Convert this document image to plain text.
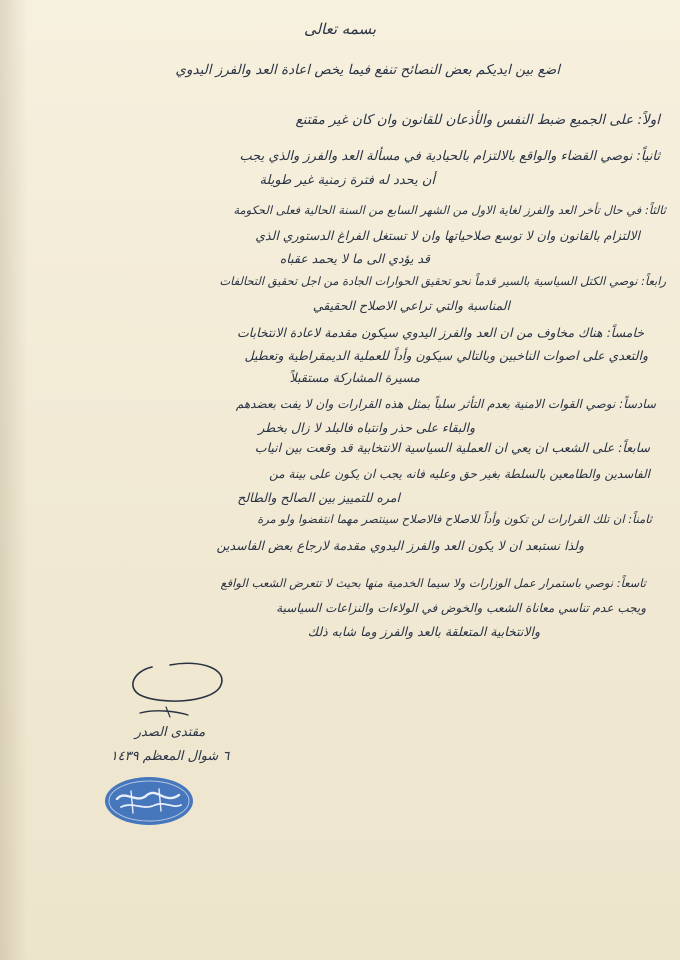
بسمه تعالى
اضع بين ايديكم بعض النصائح تنفع فيما يخص اعادة العد والفرز اليدوي
اولاً: على الجميع ضبط النفس والأذعان للقانون وان كان غير مقتنع
ثانياً: نوصي القضاء والواقع بالالتزام بالحيادية في مسألة العد والفرز والذي يجب
أن يحدد له فترة زمنية غير طويلة
ثالثاً: في حال تأخر العد والفرز لغاية الاول من الشهر السابع من السنة الحالية فعلى الحكومة
الالتزام بالقانون وان لا توسع صلاحياتها وان لا تستغل الفراغ الدستوري الذي
قد يؤدي الى ما لا يحمد عقباه
رابعاً: نوصي الكتل السياسية بالسير قدماً نحو تحقيق الحوارات الجادة من اجل تحقيق التحالفات
المناسبة والتي تراعي الاصلاح الحقيقي
خامساً: هناك مخاوف من ان العد والفرز اليدوي سيكون مقدمة لاعادة الانتخابات
والتعدي على اصوات الناخبين وبالتالي سيكون وأداً للعملية الديمقراطية وتعطيل
مسيرة المشاركة مستقبلاً
سادساً: نوصي القوات الامنية بعدم التأثر سلباً بمثل هذه القرارات وان لا يفت بعضدهم
والبقاء على حذر وانتباه فالبلد لا زال بخطر
سابعاً: على الشعب ان يعي ان العملية السياسية الانتخابية قد وقعت بين انياب
الفاسدين والطامعين بالسلطة بغير حق وعليه فانه يجب ان يكون على بينة من
امره للتمييز بين الصالح والطالح
ثامناً: ان تلك القرارات لن تكون وأداً للاصلاح فالاصلاح سينتصر مهما انتفضوا ولو مرة
ولذا نستبعد ان لا يكون العد والفرز اليدوي مقدمة لارجاع بعض الفاسدين
تاسعاً: نوصي باستمرار عمل الوزارات ولا سيما الخدمية منها بحيث لا تتعرض الشعب الواقع
ويجب عدم تناسي معاناة الشعب والخوض في الولاءات والنزاعات السياسية
والانتخابية المتعلقة بالعد والفرز وما شابه ذلك
مقتدى الصدر
٦ شوال المعظم ١٤٣٩
